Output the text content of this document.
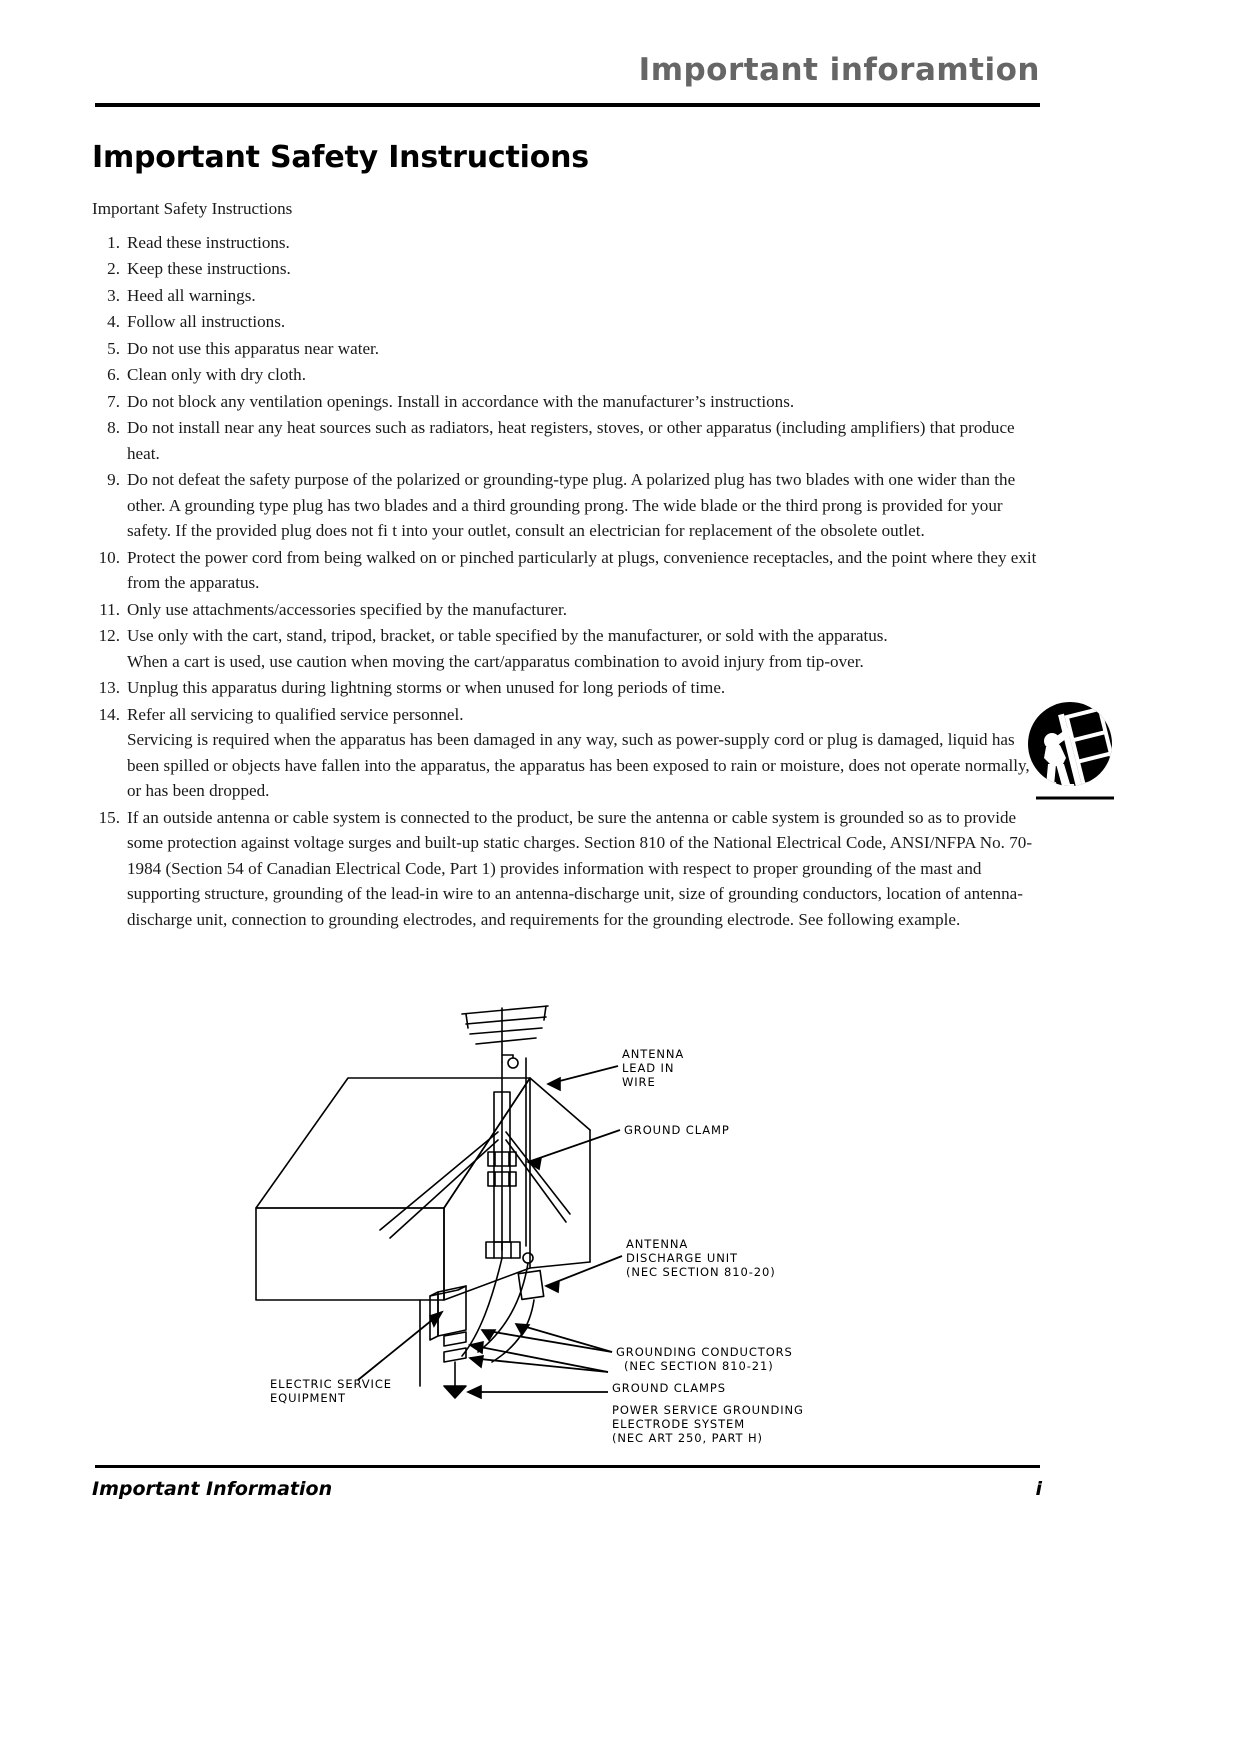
Important inforamtion
Important Safety Instructions

Important Safety Instructions

1. Read these instructions.
2. Keep these instructions.
3. Heed all warnings.
4. Follow all instructions.
5. Do not use this apparatus near water.
6. Clean only with dry cloth.
7. Do not block any ventilation openings. Install in accordance with the manufacturer’s instructions.
8. Do not install near any heat sources such as radiators, heat registers, stoves, or other apparatus (including amplifiers) that produce heat.
9. Do not defeat the safety purpose of the polarized or grounding-type plug. A polarized plug has two blades with one wider than the other. A grounding type plug has two blades and a third grounding prong. The wide blade or the third prong is provided for your safety. If the provided plug does not fi t into your outlet, consult an electrician for replacement of the obsolete outlet.
10. Protect the power cord from being walked on or pinched particularly at plugs, convenience receptacles, and the point where they exit from the apparatus.
11. Only use attachments/accessories specified by the manufacturer.
12. Use only with the cart, stand, tripod, bracket, or table specified by the manufacturer, or sold with the apparatus. When a cart is used, use caution when moving the cart/apparatus combination to avoid injury from tip-over.
13. Unplug this apparatus during lightning storms or when unused for long periods of time.
14. Refer all servicing to qualified service personnel.
Servicing is required when the apparatus has been damaged in any way, such as power-supply cord or plug is damaged, liquid has been spilled or objects have fallen into the apparatus, the apparatus has been exposed to rain or moisture, does not operate normally, or has been dropped.
15. If an outside antenna or cable system is connected to the product, be sure the antenna or cable system is grounded so as to provide some protection against voltage surges and built-up static charges. Section 810 of the National Electrical Code, ANSI/NFPA No. 70-1984 (Section 54 of Canadian Electrical Code, Part 1) provides information with respect to proper grounding of the mast and supporting structure, grounding of the lead-in wire to an antenna-discharge unit, size of grounding conductors, location of antenna-discharge unit, connection to grounding electrodes, and requirements for the grounding electrode. See following example.
ANTENNA
LEAD IN
WIRE
GROUND CLAMP
ANTENNA
DISCHARGE UNIT
(NEC SECTION 810-20)
GROUNDING CONDUCTORS
(NEC SECTION 810-21)
GROUND CLAMPS
ELECTRIC SERVICE
EQUIPMENT
POWER SERVICE GROUNDING
ELECTRODE SYSTEM
(NEC ART 250, PART H)
Important Information	i
